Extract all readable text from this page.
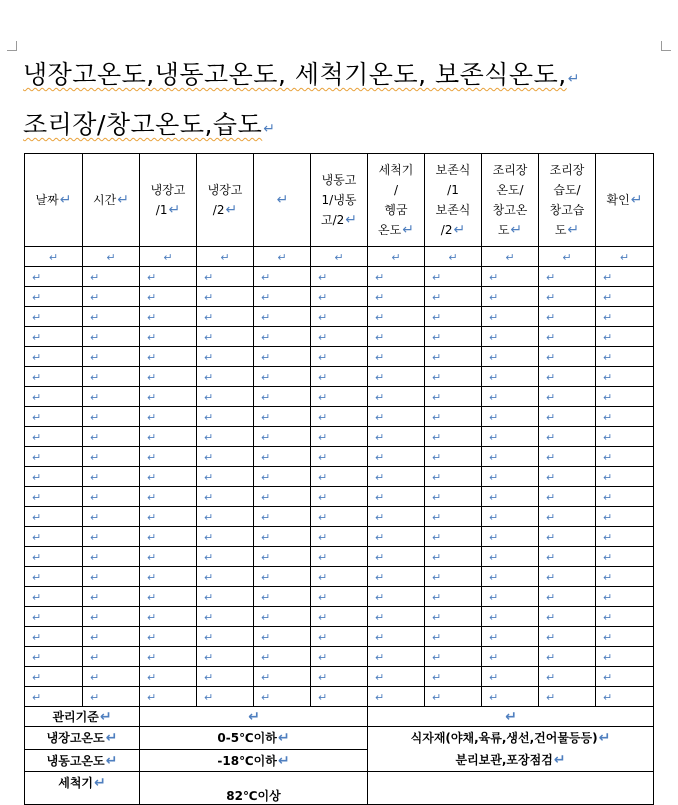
냉장고온도,냉동고온도, 세척기온도, 보존식온도,↵
조리장/창고온도,습도↵
날짜↵	시간↵	냉장고
/1↵	냉장고
/2↵	↵	냉동고
1/냉동
고/2↵	세척기
/
헹굼
온도↵	보존식
/1
보존식
/2↵	조리장
온도/
창고온
도↵	조리장
습도/
창고습
도↵	확인↵
↵	↵	↵	↵	↵	↵	↵	↵	↵	↵	↵
↵	↵	↵	↵	↵	↵	↵	↵	↵	↵	↵
↵	↵	↵	↵	↵	↵	↵	↵	↵	↵	↵
↵	↵	↵	↵	↵	↵	↵	↵	↵	↵	↵
↵	↵	↵	↵	↵	↵	↵	↵	↵	↵	↵
↵	↵	↵	↵	↵	↵	↵	↵	↵	↵	↵
↵	↵	↵	↵	↵	↵	↵	↵	↵	↵	↵
↵	↵	↵	↵	↵	↵	↵	↵	↵	↵	↵
↵	↵	↵	↵	↵	↵	↵	↵	↵	↵	↵
↵	↵	↵	↵	↵	↵	↵	↵	↵	↵	↵
↵	↵	↵	↵	↵	↵	↵	↵	↵	↵	↵
↵	↵	↵	↵	↵	↵	↵	↵	↵	↵	↵
↵	↵	↵	↵	↵	↵	↵	↵	↵	↵	↵
↵	↵	↵	↵	↵	↵	↵	↵	↵	↵	↵
↵	↵	↵	↵	↵	↵	↵	↵	↵	↵	↵
↵	↵	↵	↵	↵	↵	↵	↵	↵	↵	↵
↵	↵	↵	↵	↵	↵	↵	↵	↵	↵	↵
↵	↵	↵	↵	↵	↵	↵	↵	↵	↵	↵
↵	↵	↵	↵	↵	↵	↵	↵	↵	↵	↵
↵	↵	↵	↵	↵	↵	↵	↵	↵	↵	↵
↵	↵	↵	↵	↵	↵	↵	↵	↵	↵	↵
↵	↵	↵	↵	↵	↵	↵	↵	↵	↵	↵
↵	↵	↵	↵	↵	↵	↵	↵	↵	↵	↵
관리기준↵		↵				↵				
냉장고온도↵		0-5℃이하↵				식자재(야채,육류,생선,건어물등등)↵
분리보관,포장점검↵				
냉동고온도↵		-18℃이하↵								
세척기↵		82℃이상								
